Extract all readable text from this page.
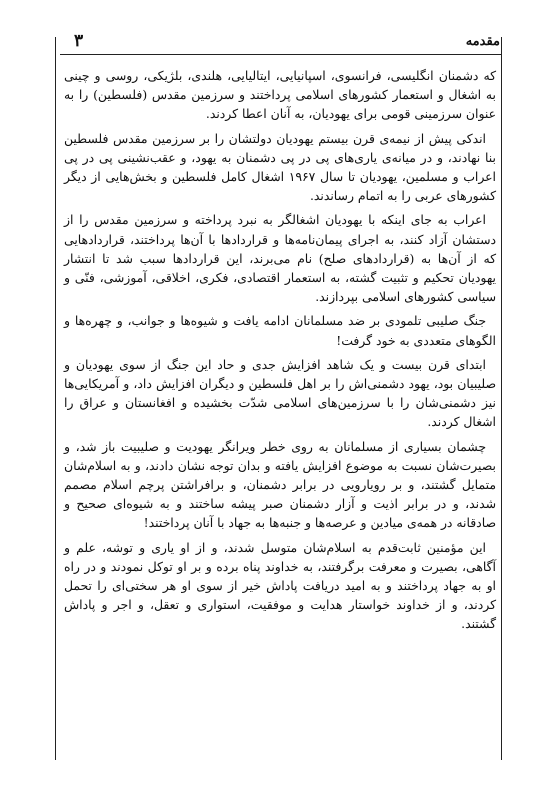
۳	مقدمه

که دشمنان انگلیسی، فرانسوی، اسپانیایی، ایتالیایی، هلندی، بلژیکی، روسی و چینی به اشغال و استعمار کشورهای اسلامی پرداختند و سرزمین مقدس (فلسطین) را به عنوان سرزمینی قومی برای یهودیان، به آنان اعطا کردند.

اندکی پیش از نیمه‌ی قرن بیستم یهودیان دولتشان را بر سرزمین مقدس فلسطین بنا نهادند، و در میانه‌ی یاری‌های پی در پی دشمنان به یهود، و عقب‌نشینی پی در پی اعراب و مسلمین، یهودیان تا سال ۱۹۶۷ اشغال کامل فلسطین و بخش‌هایی از دیگر کشورهای عربی را به اتمام رساندند.

اعراب به جای اینکه با یهودیان اشغالگر به نبرد پرداخته و سرزمین مقدس را از دستشان آزاد کنند، به اجرای پیمان‌نامه‌ها و قراردادها با آن‌ها پرداختند، قراردادهایی که از آن‌ها به (قراردادهای صلح) نام می‌برند، این قراردادها سبب شد تا انتشار یهودیان تحکیم و تثبیت گشته، به استعمار اقتصادی، فکری، اخلاقی، آموزشی، فنّی و سیاسی کشورهای اسلامی بپردازند.

جنگ صلیبی تلمودی بر ضد مسلمانان ادامه یافت و شیوه‌ها و جوانب، و چهره‌ها و الگوهای متعددی به خود گرفت!

ابتدای قرن بیست و یک شاهد افزایش جدی و حاد این جنگ از سوی یهودیان و صلیبیان بود، یهود دشمنی‌اش را بر اهل فلسطین و دیگران افزایش داد، و آمریکایی‌ها نیز دشمنی‌شان را با سرزمین‌های اسلامی شدّت بخشیده و افغانستان و عراق را اشغال کردند.

چشمان بسیاری از مسلمانان به روی خطر ویرانگر یهودیت و صلیبیت باز شد، و بصیرت‌شان نسبت به موضوع افزایش یافته و بدان توجه نشان دادند، و به اسلام‌شان متمایل گشتند، و بر رویارویی در برابر دشمنان، و برافراشتن پرچم اسلام مصمم شدند، و در برابر اذیت و آزار دشمنان صبر پیشه ساختند و به شیوه‌ای صحیح و صادقانه در همه‌ی میادین و عرصه‌ها و جنبه‌ها به جهاد با آنان پرداختند!

این مؤمنین ثابت‌قدم به اسلام‌شان متوسل شدند، و از او یاری و توشه، علم و آگاهی، بصیرت و معرفت برگرفتند، به خداوند پناه برده و بر او توکل نمودند و در راه او به جهاد پرداختند و به امید دریافت پاداش خیر از سوی او هر سختی‌ای را تحمل کردند، و از خداوند خواستار هدایت و موفقیت، استواری و تعقل، و اجر و پاداش گشتند.
